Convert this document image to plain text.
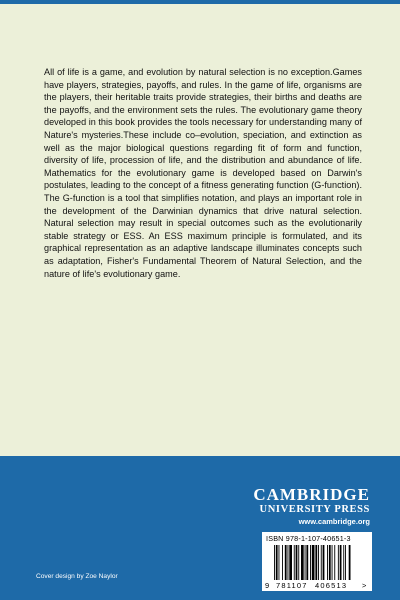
All of life is a game, and evolution by natural selection is no exception.Games have players, strategies, payoffs, and rules. In the game of life, organisms are the players, their heritable traits provide strategies, their births and deaths are the payoffs, and the environment sets the rules. The evolutionary game theory developed in this book provides the tools necessary for understanding many of Nature's mysteries.These include co–evolution, speciation, and extinction as well as the major biological questions regarding fit of form and function, diversity of life, procession of life, and the distribution and abundance of life. Mathematics for the evolutionary game is developed based on Darwin's postulates, leading to the concept of a fitness generating function (G-function). The G-function is a tool that simplifies notation, and plays an important role in the development of the Darwinian dynamics that drive natural selection. Natural selection may result in special outcomes such as the evolutionarily stable strategy or ESS. An ESS maximum principle is formulated, and its graphical representation as an adaptive landscape illuminates concepts such as adaptation, Fisher's Fundamental Theorem of Natural Selection, and the nature of life's evolutionary game.

CAMBRIDGE
UNIVERSITY PRESS
www.cambridge.org
ISBN 978-1-107-40651-3
9 781107 406513 >
Cover design by Zoe Naylor
